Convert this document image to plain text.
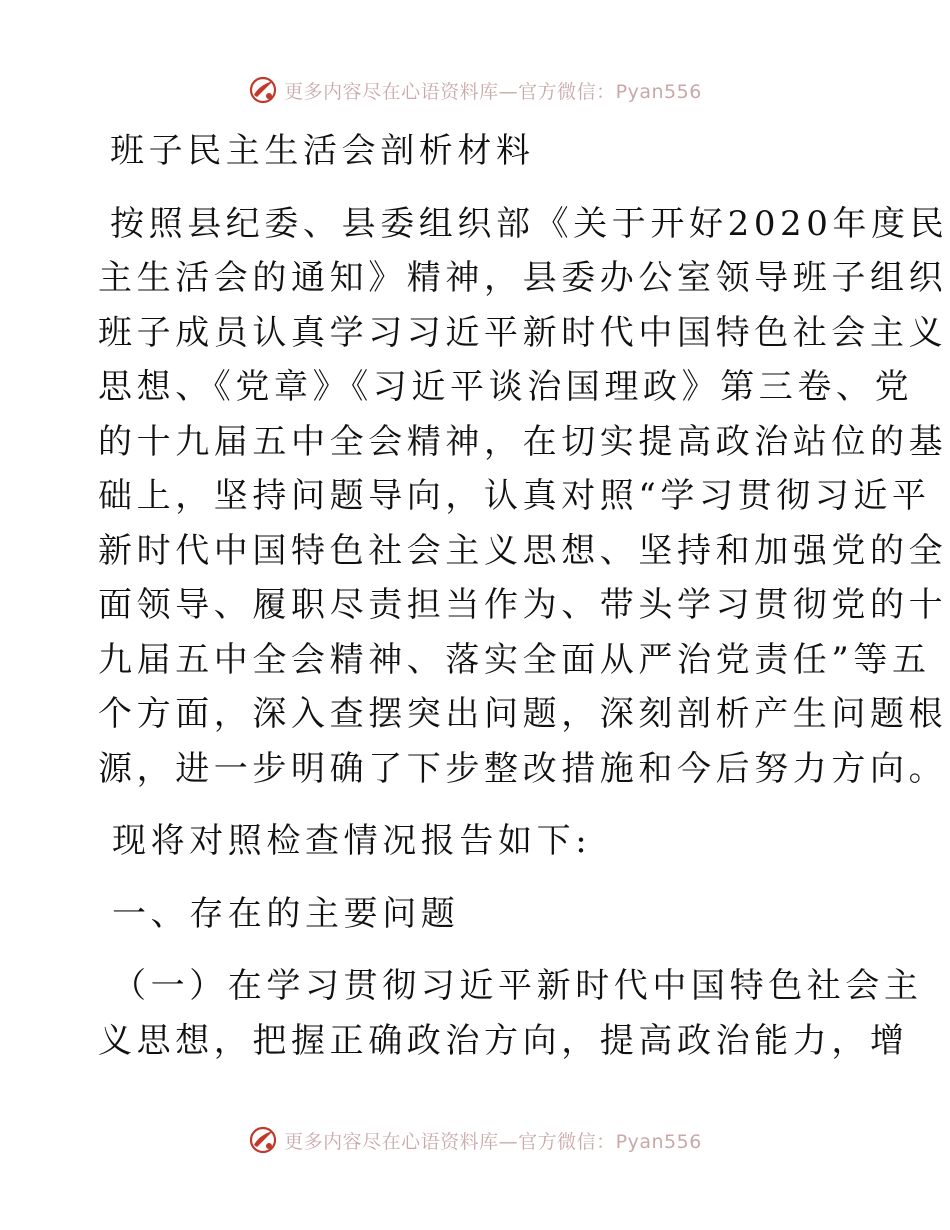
更多内容尽在心语资料库—官方微信：Pyan556

班子民主生活会剖析材料

按照县纪委、县委组织部《关于开好2020年度民
主生活会的通知》精神，县委办公室领导班子组织
班子成员认真学习习近平新时代中国特色社会主义
思想、《党章》《习近平谈治国理政》第三卷、党
的十九届五中全会精神，在切实提高政治站位的基
础上，坚持问题导向，认真对照“学习贯彻习近平
新时代中国特色社会主义思想、坚持和加强党的全
面领导、履职尽责担当作为、带头学习贯彻党的十
九届五中全会精神、落实全面从严治党责任”等五
个方面，深入查摆突出问题，深刻剖析产生问题根
源，进一步明确了下步整改措施和今后努力方向。

现将对照检查情况报告如下:

一、存在的主要问题

（一）在学习贯彻习近平新时代中国特色社会主
义思想，把握正确政治方向，提高政治能力，增
更多内容尽在心语资料库—官方微信：Pyan556
